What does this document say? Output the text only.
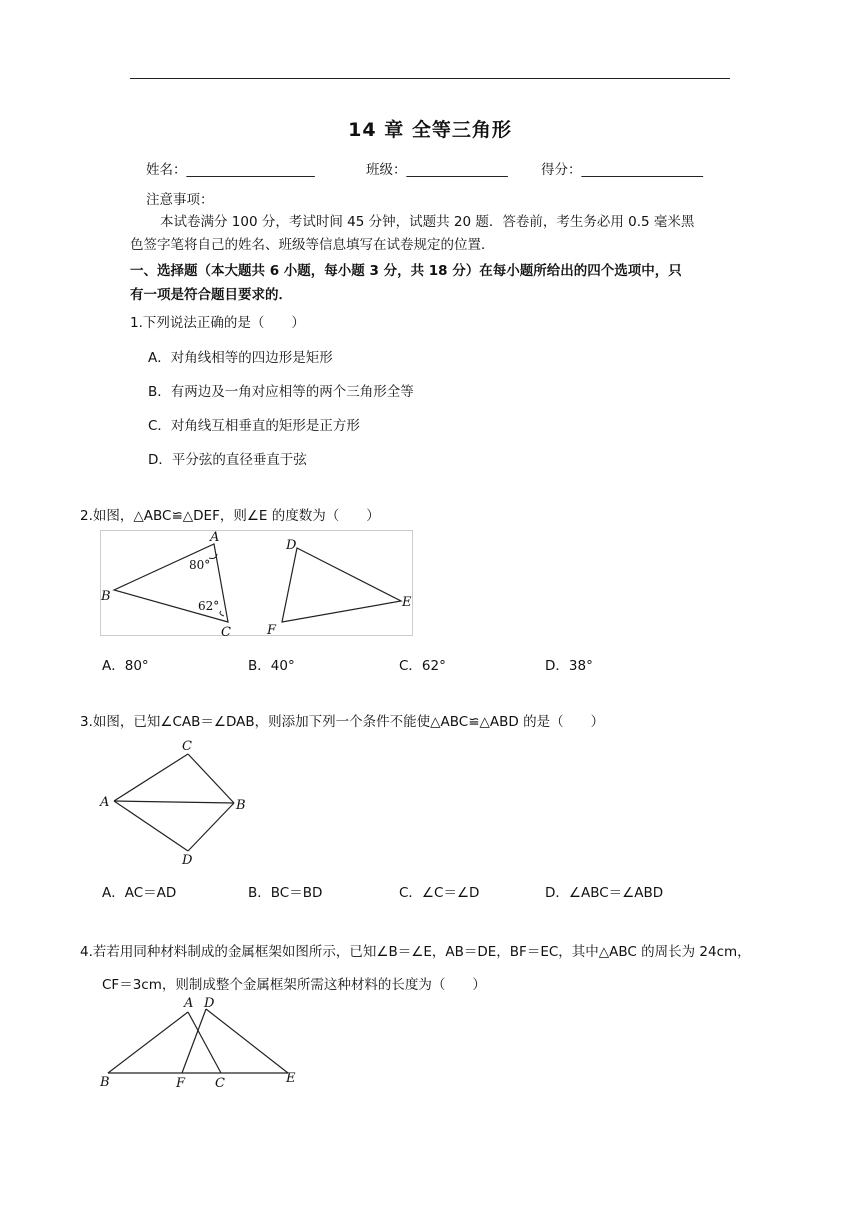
14 章 全等三角形
姓名：___________________	班级：_______________ 得分：__________________
注意事项：
本试卷满分 100 分，考试时间 45 分钟，试题共 20 题．答卷前，考生务必用 0.5 毫米黑
色签字笔将自己的姓名、班级等信息填写在试卷规定的位置．
一、选择题（本大题共 6 小题，每小题 3 分，共 18 分）在每小题所给出的四个选项中，只
有一项是符合题目要求的．
1.下列说法正确的是（　　）
A．对角线相等的四边形是矩形
B．有两边及一角对应相等的两个三角形全等
C．对角线互相垂直的矩形是正方形
D．平分弦的直径垂直于弦
2.如图，△ABC≌△DEF，则∠E 的度数为（　　）
A
B
C
80°
62°
D
E
F
A．80°	B．40°	C．62°	D．38°
3.如图，已知∠CAB＝∠DAB，则添加下列一个条件不能使△ABC≌△ABD 的是（　　）
C
A	B
D
A．AC＝AD	B．BC＝BD	C．∠C＝∠D	D．∠ABC＝∠ABD
4.若若用同种材料制成的金属框架如图所示，已知∠B＝∠E，AB＝DE，BF＝EC，其中△ABC 的周长为 24cm，
CF＝3cm，则制成整个金属框架所需这种材料的长度为（　　）
A D
B	F C	E
